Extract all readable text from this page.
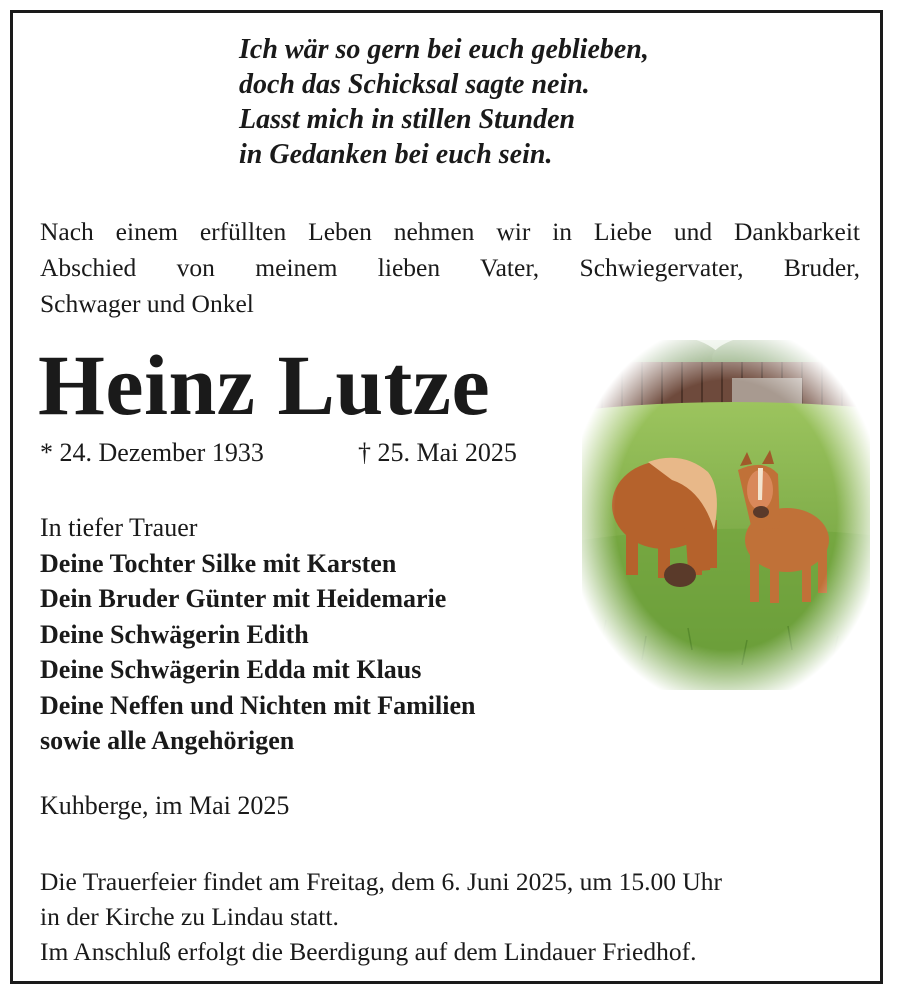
Ich wär so gern bei euch geblieben,
doch das Schicksal sagte nein.
Lasst mich in stillen Stunden
in Gedanken bei euch sein.
Nach einem erfüllten Leben nehmen wir in Liebe und Dankbarkeit
Abschied von meinem lieben Vater, Schwiegervater, Bruder,
Schwager und Onkel
Heinz Lutze
* 24. Dezember 1933	† 25. Mai 2025
In tiefer Trauer
Deine Tochter Silke mit Karsten
Dein Bruder Günter mit Heidemarie
Deine Schwägerin Edith
Deine Schwägerin Edda mit Klaus
Deine Neffen und Nichten mit Familien
sowie alle Angehörigen
Kuhberge, im Mai 2025
Die Trauerfeier findet am Freitag, dem 6. Juni 2025, um 15.00 Uhr
in der Kirche zu Lindau statt.
Im Anschluß erfolgt die Beerdigung auf dem Lindauer Friedhof.
